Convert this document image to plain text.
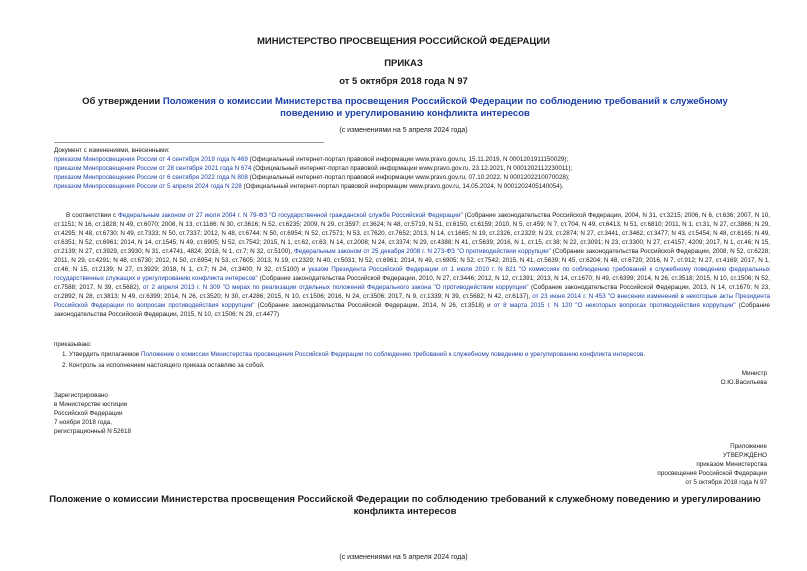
МИНИСТЕРСТВО ПРОСВЕЩЕНИЯ РОССИЙСКОЙ ФЕДЕРАЦИИ
ПРИКАЗ
от 5 октября 2018 года N 97
Об утверждении Положения о комиссии Министерства просвещения Российской Федерации по соблюдению требований к служебному поведению и урегулированию конфликта интересов
(с изменениями на 5 апреля 2024 года)
Документ с изменениями, внесенными:
приказом Минпросвещения России от 4 сентября 2019 года N 469 (Официальный интернет-портал правовой информации www.pravo.gov.ru, 15.11.2019, N 0001201911150029);
приказом Минпросвещения России от 28 сентября 2021 года N 674 (Официальный интернет-портал правовой информации www.pravo.gov.ru, 23.12.2021, N 0001202112230011);
приказом Минпросвещения России от 6 сентября 2022 года N 808 (Официальный интернет-портал правовой информации www.pravo.gov.ru, 07.10.2022, N 0001202210070028);
приказом Минпросвещения России от 5 апреля 2024 года N 228 (Официальный интернет-портал правовой информации www.pravo.gov.ru, 14.05.2024, N 0001202405140054).
В соответствии с Федеральным законом от 27 июля 2004 г. N 79-ФЗ "О государственной гражданской службе Российской Федерации" (Собрание законодательства Российской Федерации, 2004, N 31, ст.3215; 2006, N 6, ст.636; 2007, N 10, ст.1151; N 16, ст.1828; N 49, ст.6070; 2008, N 13, ст.1186; N 30, ст.3616; N 52, ст.6235; 2009, N 29, ст.3597; ст.3624; N 48, ст.5719, N 51, ст.6150, ст.6159; 2010, N 5, ст.459; N 7, ст.704, N 49, ст.6413, N 51, ст.6810; 2011, N 1, ст.31, N 27, ст.3866; N 29, ст.4295; N 48, ст.6730; N 49, ст.7333; N 50, ст.7337; 2012, N 48, ст.6744; N 50, ст.6954; N 52, ст.7571; N 53, ст.7620, ст.7652; 2013, N 14, ст.1665; N 19, ст.2326, ст.2329; N 23, ст.2874; N 27, ст.3441, ст.3462, ст.3477; N 43, ст.5454; N 48, ст.6165; N 49, ст.6351; N 52, ст.6961; 2014, N 14, ст.1545; N 49, ст.6905; N 52, ст.7542; 2015, N 1, ст.62, ст.63, N 14, ст.2008; N 24, ст.3374; N 29, ст.4388; N 41, ст.5639; 2016, N 1, ст.15, ст.38; N 22, ст.3091; N 23, ст.3300; N 27, ст.4157, 4209; 2017, N 1, ст.46; N 15, ст.2139; N 27, ст.3929, ст.3930; N 31, ст.4741, 4824; 2018, N 1, ст.7; N 32, ст.5100), Федеральным законом от 25 декабря 2008 г. N 273-ФЗ "О противодействии коррупции" (Собрание законодательства Российской Федерации, 2008, N 52, ст.6228; 2011, N 29, ст.4291; N 48, ст.6730; 2012, N 50, ст.6954; N 53, ст.7605; 2013, N 19, ст.2329; N 40, ст.5031; N 52, ст.6961; 2014, N 49, ст.6905; N 52, ст.7542; 2015, N 41, ст.5639; N 45, ст.6204; N 48, ст.6720; 2016, N 7, ст.912; N 27, ст.4169; 2017, N 1, ст.46; N 15, ст.2139; N 27, ст.3929; 2018, N 1, ст.7; N 24, ст.3400; N 32, ст.5100) и указом Президента Российской Федерации от 1 июля 2010 г. N 821 "О комиссиях по соблюдению требований к служебному поведению федеральных государственных служащих и урегулированию конфликта интересов" (Собрание законодательства Российской Федерации, 2010, N 27, ст.3446; 2012, N 12, ст.1391; 2013, N 14, ст.1670; N 49, ст.6399; 2014, N 26, ст.3518; 2015, N 10, ст.1506; N 52, ст.7588; 2017, N 39, ст.5682), от 2 апреля 2013 г. N 309 "О мерах по реализации отдельных положений Федерального закона "О противодействии коррупции" (Собрание законодательства Российской Федерации, 2013, N 14, ст.1670; N 23, ст.2892; N 28, ст.3813; N 49, ст.6399; 2014, N 26, ст.3520; N 30, ст.4286; 2015, N 10, ст.1506; 2016, N 24, ст.3506; 2017, N 9, ст.1339; N 39, ст.5682; N 42, ст.6137), от 23 июня 2014 г. N 453 "О внесении изменений в некоторые акты Президента Российской Федерации по вопросам противодействия коррупции" (Собрание законодательства Российской Федерации, 2014, N 26, ст.3518) и от 8 марта 2015 г. N 120 "О некоторых вопросах противодействия коррупции" (Собрание законодательства Российской Федерации, 2015, N 10, ст.1506; N 29, ст.4477)
приказываю:
1. Утвердить прилагаемое Положение о комиссии Министерства просвещения Российской Федерации по соблюдению требований к служебному поведению и урегулированию конфликта интересов.
2. Контроль за исполнением настоящего приказа оставляю за собой.
Министр
О.Ю.Васильева
Зарегистрировано
в Министерстве юстиции
Российской Федерации
7 ноября 2018 года,
регистрационный N 52618
Приложение
УТВЕРЖДЕНО
приказом Министерства
просвещения Российской Федерации
от 5 октября 2018 года N 97
Положение о комиссии Министерства просвещения Российской Федерации по соблюдению требований к служебному поведению и урегулированию конфликта интересов
(с изменениями на 5 апреля 2024 года)
